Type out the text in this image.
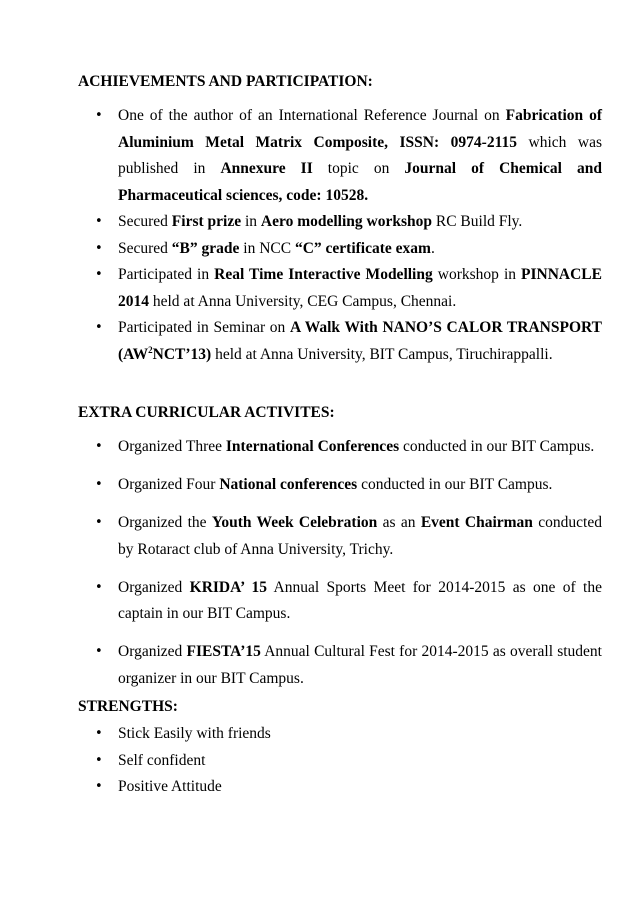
ACHIEVEMENTS AND PARTICIPATION:
• One of the author of an International Reference Journal on Fabrication of Aluminium Metal Matrix Composite, ISSN: 0974-2115 which was published in Annexure II topic on Journal of Chemical and Pharmaceutical sciences, code: 10528.
• Secured First prize in Aero modelling workshop RC Build Fly.
• Secured “B” grade in NCC “C” certificate exam.
• Participated in Real Time Interactive Modelling workshop in PINNACLE 2014 held at Anna University, CEG Campus, Chennai.
• Participated in Seminar on A Walk With NANO’S CALOR TRANSPORT $(AW^2NCT’13)$ held at Anna University, BIT Campus, Tiruchirappalli.
EXTRA CURRICULAR ACTIVITES:
• Organized Three International Conferences conducted in our BIT Campus.
• Organized Four National conferences conducted in our BIT Campus.
• Organized the Youth Week Celebration as an Event Chairman conducted by Rotaract club of Anna University, Trichy.
• Organized KRIDA’ 15 Annual Sports Meet for 2014-2015 as one of the captain in our BIT Campus.
• Organized FIESTA’15 Annual Cultural Fest for 2014-2015 as overall student organizer in our BIT Campus.
STRENGTHS:
• Stick Easily with friends
• Self confident
• Positive Attitude
